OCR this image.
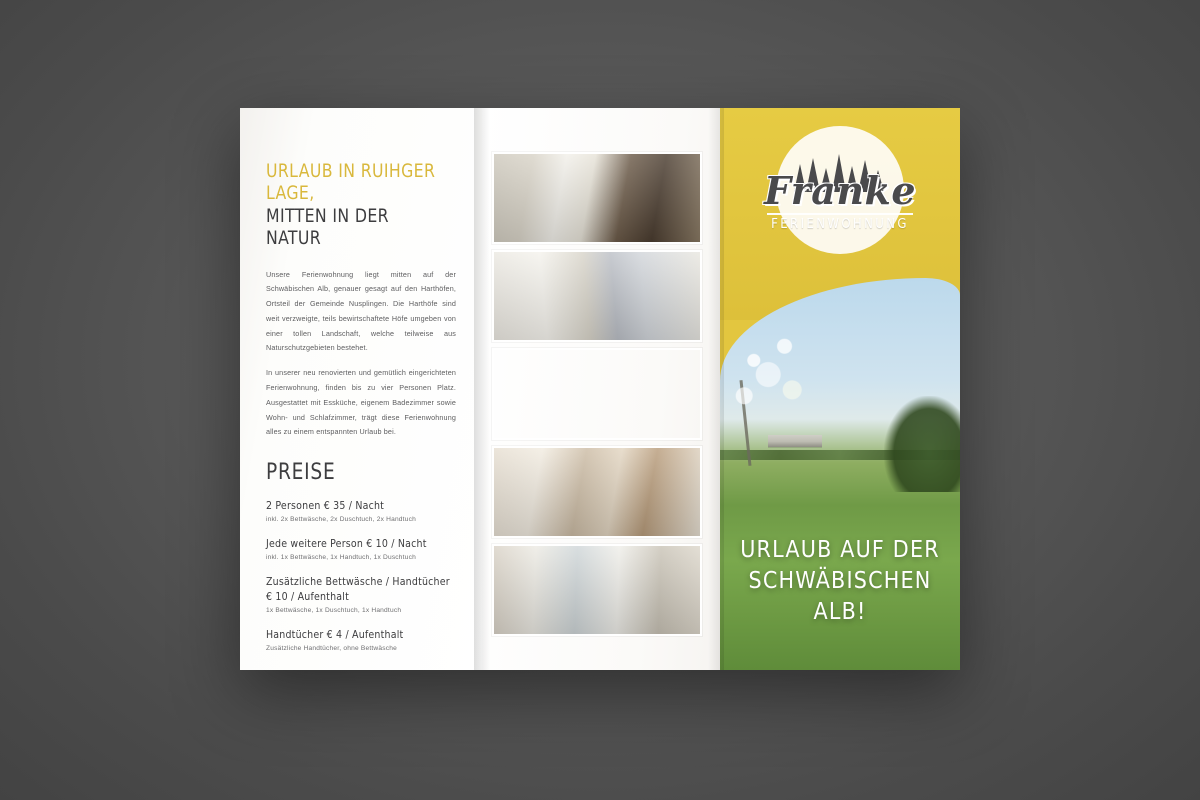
URLAUB IN RUIHGER LAGE,
MITTEN IN DER NATUR

Unsere Ferienwohnung liegt mitten auf der Schwäbischen Alb, genauer gesagt auf den Harthöfen, Ortsteil der Gemeinde Nusplingen. Die Harthöfe sind weit verzweigte, teils bewirtschaftete Höfe umgeben von einer tollen Landschaft, welche teilweise aus Naturschutzgebieten bestehet.

In unserer neu renovierten und gemütlich eingerichteten Ferienwohnung, finden bis zu vier Personen Platz. Ausgestattet mit Essküche, eigenem Badezimmer sowie Wohn- und Schlafzimmer, trägt diese Ferienwohnung alles zu einem entspannten Urlaub bei.

PREISE
2 Personen € 35 / Nacht
inkl. 2x Bettwäsche, 2x Duschtuch, 2x Handtuch
Jede weitere Person € 10 / Nacht
inkl. 1x Bettwäsche, 1x Handtuch, 1x Duschtuch
Zusätzliche Bettwäsche / Handtücher € 10 / Aufenthalt
1x Bettwäsche, 1x Duschtuch, 1x Handtuch
Handtücher € 4 / Aufenthalt
Zusätzliche Handtücher, ohne Bettwäsche
Franke
FERIENWOHNUNG
URLAUB AUF DER
SCHWÄBISCHEN ALB!
